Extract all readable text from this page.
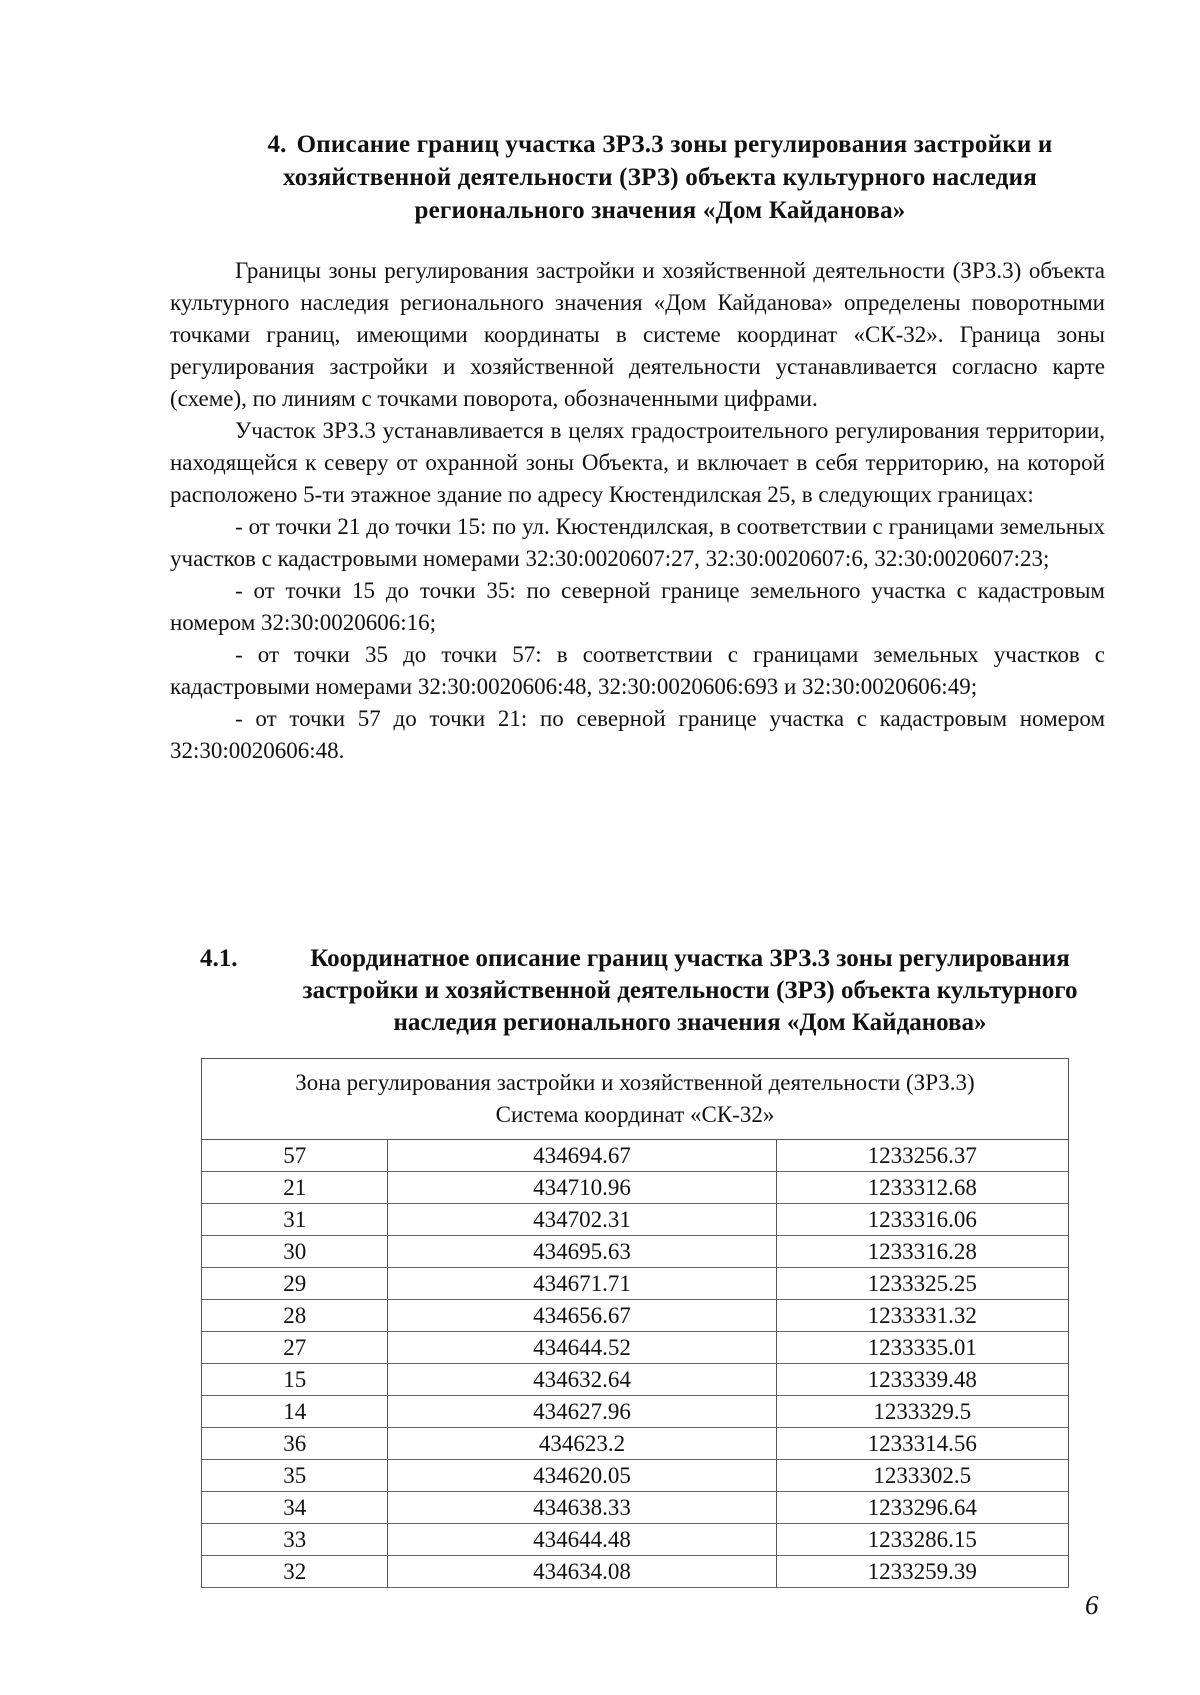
4. Описание границ участка ЗРЗ.3 зоны регулирования застройки и хозяйственной деятельности (ЗРЗ) объекта культурного наследия регионального значения «Дом Кайданова»

Границы зоны регулирования застройки и хозяйственной деятельности (ЗРЗ.3) объекта культурного наследия регионального значения «Дом Кайданова» определены поворотными точками границ, имеющими координаты в системе координат «СК-32». Граница зоны регулирования застройки и хозяйственной деятельности устанавливается согласно карте (схеме), по линиям с точками поворота, обозначенными цифрами.

Участок ЗРЗ.3 устанавливается в целях градостроительного регулирования территории, находящейся к северу от охранной зоны Объекта, и включает в себя территорию, на которой расположено 5-ти этажное здание по адресу Кюстендилская 25, в следующих границах:

- от точки 21 до точки 15: по ул. Кюстендилская, в соответствии с границами земельных участков с кадастровыми номерами 32:30:0020607:27, 32:30:0020607:6, 32:30:0020607:23;

- от точки 15 до точки 35: по северной границе земельного участка с кадастровым номером 32:30:0020606:16;

- от точки 35 до точки 57: в соответствии с границами земельных участков с кадастровыми номерами 32:30:0020606:48, 32:30:0020606:693 и 32:30:0020606:49;

- от точки 57 до точки 21: по северной границе участка с кадастровым номером 32:30:0020606:48.

4.1.	Координатное описание границ участка ЗРЗ.3 зоны регулирования застройки и хозяйственной деятельности (ЗРЗ) объекта культурного наследия регионального значения «Дом Кайданова»
Зона регулирования застройки и хозяйственной деятельности (ЗРЗ.3)
Система координат «СК-32»		

57	434694.67	1233256.37
21	434710.96	1233312.68
31	434702.31	1233316.06
30	434695.63	1233316.28
29	434671.71	1233325.25
28	434656.67	1233331.32
27	434644.52	1233335.01
15	434632.64	1233339.48
14	434627.96	1233329.5
36	434623.2	1233314.56
35	434620.05	1233302.5
34	434638.33	1233296.64
33	434644.48	1233286.15
32	434634.08	1233259.39
6
